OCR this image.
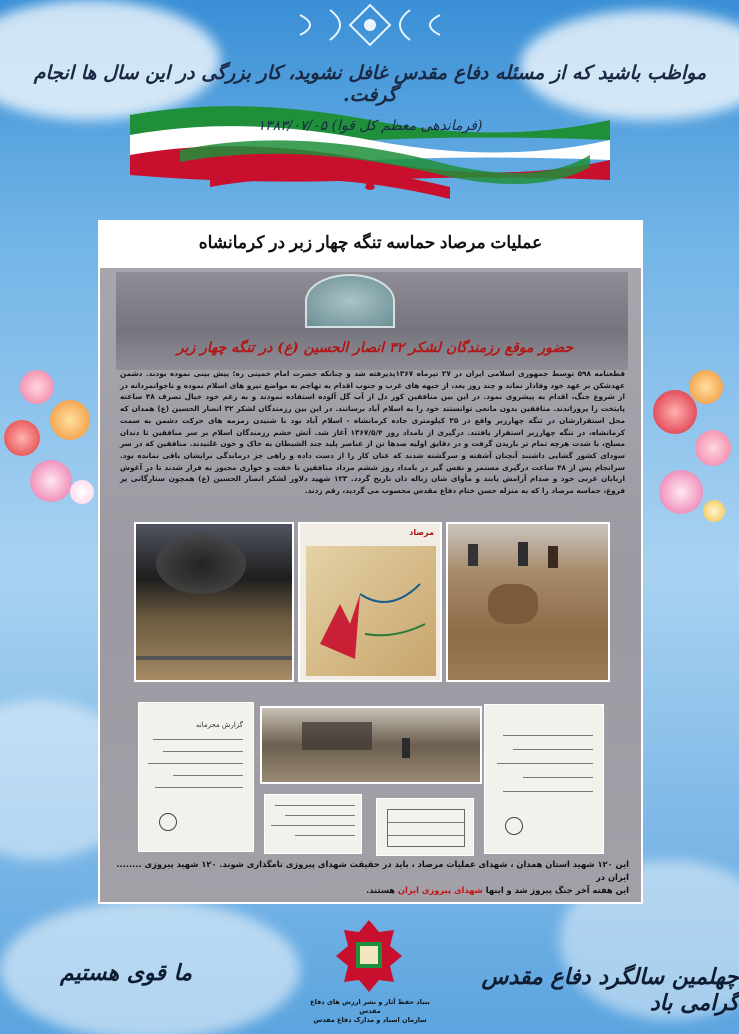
مواظب باشید که از مسئله دفاع مقدس غافل نشوید، کار بزرگی در این سال ها انجام گرفت.
(فرماندهی معظم کل قوا) ۱۳۸۳/۰۷/۰۵
عملیات مرصاد حماسه تنگه چهار زبر در کرمانشاه
حضور موقع رزمندگان لشکر ۳۲ انصار الحسین (ع) در تنگه چهار زبر
قطعنامه ۵۹۸ توسط جمهوری اسلامی ایران در ۲۷ تیرماه ۱۳۶۷پذیرفته شد و چنانکه حضرت امام خمینی ره؛ پیش بینی نموده بودند. دشمن عهدشکن بر عهد خود وفادار نماند و چند روز بعد، از جبهه های غرب و جنوب اقدام به تهاجم به مواضع نیرو های اسلام نموده و ناجوانمردانه در از شروع جنگ، اقدام به پیشروی نمود. در این بین منافقین کور دل از آب گل آلوده استفاده نمودند و به زعم خود خیال تصرف ۴۸ ساعته پایتخت را پروراندند. منافقین بدون مانعی توانستند خود را به اسلام آباد برسانند. در این بین رزمندگان لشکر ۳۲ انصار الحسین (ع) همدان که محل استقرارشان در تنگه چهارزبر واقع در ۳۵ کیلومتری جاده کرمانشاه - اسلام آباد بود با شنیدن زمزمه های حرکت دشمن به سمت کرمانشاه، در تنگه چهارزبر استقرار یافتند. درگیری از بامداد روز ۱۳۶۷/۵/۴ آغاز شد. آتش خشم رزمندگان اسلام بر سر منافقین تا دندان مسلح، با شدت هرچه تمام تر باریدن گرفت و در دقایق اولیه صدها تن از عناصر پلید جند الشیطان به خاک و خون غلتیدند. منافقین که در سر سودای کشور گشایی داشتند آنچنان آشفته و سرگشته شدند که عنان کار را از دست داده و راهی جز درماندگی برایشان باقی نمانده بود. سرانجام پس از ۴۸ ساعت درگیری مستمر و نفس گیر در بامداد روز ششم مرداد منافقین با خفت و خواری مجبور به فرار شدند تا در آغوش اربابان غربی خود و صدام آرامش یابند و مأوای شان زباله دان تاریخ گردد. ۱۲۳ شهید دلاور لشکر انصار الحسین (ع) همچون ستارگانی پر فروغ، حماسه مرصاد را که به منزله حسن ختام دفاع مقدس محسوب می گردید، رقم زدند.
مرصاد
گزارش محرمانه
این ۱۲۰ شهید استان همدان ، شهدای عملیات مرصاد ، باید در حقیقت شهدای پیروزی نامگذاری شوند. ۱۲۰ شهید پیروزی ........ ایران در
این هفته آخر جنگ پیروز شد و اینها شهدای پیروزی ایران هستند.
ما قوی هستیم	چهلمین سالگرد دفاع مقدس گرامی باد
بنیاد حفظ آثار و نشر ارزش های دفاع مقدس
سازمان اسناد و مدارک دفاع مقدس
